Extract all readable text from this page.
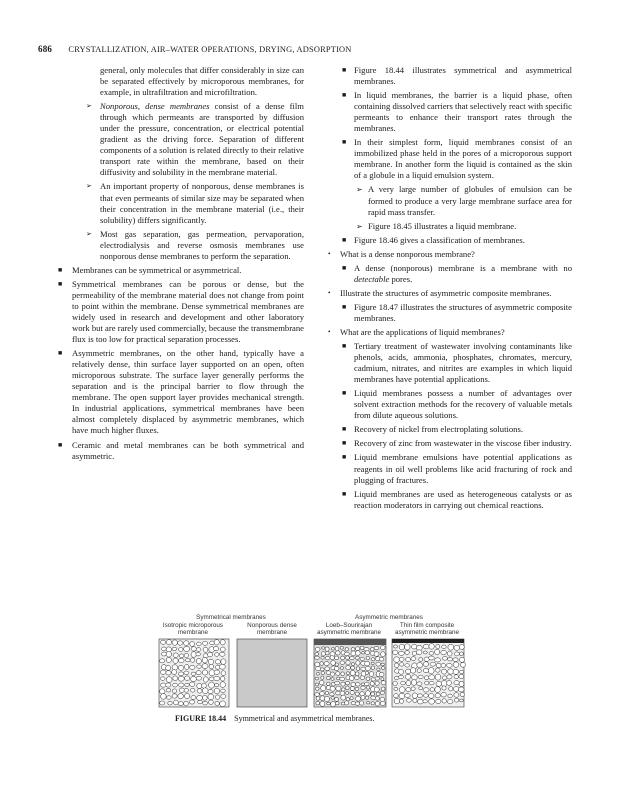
686 CRYSTALLIZATION, AIR–WATER OPERATIONS, DRYING, ADSORPTION

general, only molecules that differ considerably in size can be separated effectively by microporous membranes, for example, in ultrafiltration and microfiltration.

➢ Nonporous, dense membranes consist of a dense film through which permeants are transported by diffusion under the pressure, concentration, or electrical potential gradient as the driving force. Separation of different components of a solution is related directly to their relative transport rate within the membrane, based on their diffusivity and solubility in the membrane material.

➢ An important property of nonporous, dense membranes is that even permeants of similar size may be separated when their concentration in the membrane material (i.e., their solubility) differs significantly.

➢ Most gas separation, gas permeation, pervaporation, electrodialysis and reverse osmosis membranes use nonporous dense membranes to perform the separation.

■ Membranes can be symmetrical or asymmetrical.

■ Symmetrical membranes can be porous or dense, but the permeability of the membrane material does not change from point to point within the membrane. Dense symmetrical membranes are widely used in research and development and other laboratory work but are rarely used commercially, because the transmembrane flux is too low for practical separation processes.

■ Asymmetric membranes, on the other hand, typically have a relatively dense, thin surface layer supported on an open, often microporous substrate. The surface layer generally performs the separation and is the principal barrier to flow through the membrane. The open support layer provides mechanical strength. In industrial applications, symmetrical membranes have been almost completely displaced by asymmetric membranes, which have much higher fluxes.

■ Ceramic and metal membranes can be both symmetrical and asymmetric.

■ Figure 18.44 illustrates symmetrical and asymmetrical membranes.

■ In liquid membranes, the barrier is a liquid phase, often containing dissolved carriers that selectively react with specific permeants to enhance their transport rates through the membranes.

■ In their simplest form, liquid membranes consist of an immobilized phase held in the pores of a microporous support membrane. In another form the liquid is contained as the skin of a globule in a liquid emulsion system.

➢ A very large number of globules of emulsion can be formed to produce a very large membrane surface area for rapid mass transfer.

➢ Figure 18.45 illustrates a liquid membrane.

■ Figure 18.46 gives a classification of membranes.

• What is a dense nonporous membrane?

■ A dense (nonporous) membrane is a membrane with no detectable pores.

• Illustrate the structures of asymmetric composite membranes.

■ Figure 18.47 illustrates the structures of asymmetric composite membranes.

• What are the applications of liquid membranes?

■ Tertiary treatment of wastewater involving contaminants like phenols, acids, ammonia, phosphates, chromates, mercury, cadmium, nitrates, and nitrites are examples in which liquid membranes have potential applications.

■ Liquid membranes possess a number of advantages over solvent extraction methods for the recovery of valuable metals from dilute aqueous solutions.

■ Recovery of nickel from electroplating solutions.

■ Recovery of zinc from wastewater in the viscose fiber industry.

■ Liquid membrane emulsions have potential applications as reagents in oil well problems like acid fracturing of rock and plugging of fractures.

■ Liquid membranes are used as heterogeneous catalysts or as reaction moderators in carrying out chemical reactions.

Symmetrical membranes	Asymmetric membranes
Isotropic microporous
membrane
Nonporous dense
membrane
Loeb–Sourirajan
asymmetric membrane
Thin film composite
asymmetric membrane
FIGURE 18.44 Symmetrical and asymmetrical membranes.
